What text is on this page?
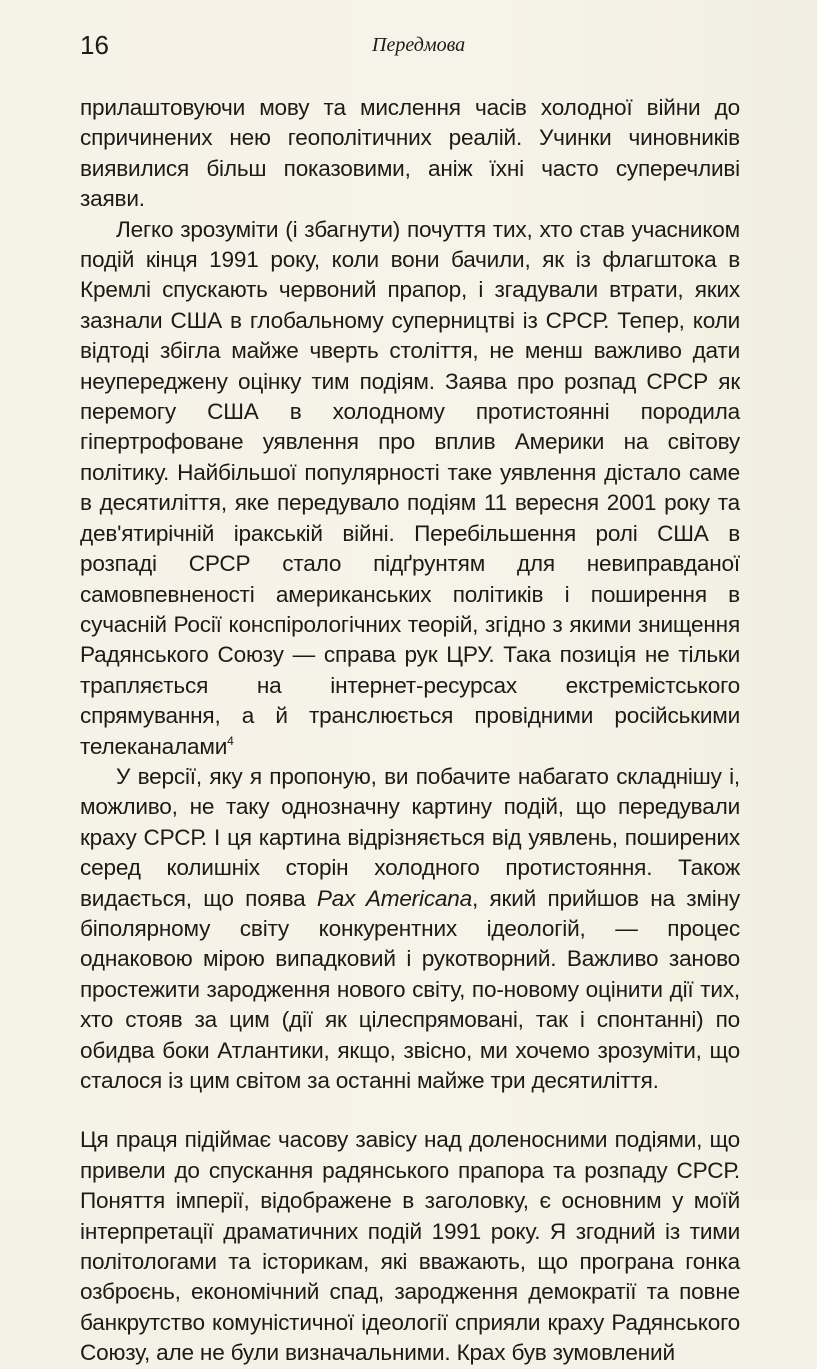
16	Передмова

прилаштовуючи мову та мислення часів холодної війни до спричинених нею геополітичних реалій. Учинки чиновників виявилися більш показовими, аніж їхні часто суперечливі заяви.

Легко зрозуміти (і збагнути) почуття тих, хто став учасником подій кінця 1991 року, коли вони бачили, як із флагштока в Кремлі спускають червоний прапор, і згадували втрати, яких зазнали США в глобальному суперництві із СРСР. Тепер, коли відтоді збігла майже чверть століття, не менш важливо дати неупереджену оцінку тим подіям. Заява про розпад СРСР як перемогу США в холодному протистоянні породила гіпертрофоване уявлення про вплив Америки на світову політику. Найбільшої популярності таке уявлення дістало саме в десятиліття, яке передувало подіям 11 вересня 2001 року та дев'ятирічній іракській війні. Перебільшення ролі США в розпаді СРСР стало підґрунтям для невиправданої самовпевненості американських політиків і поширення в сучасній Росії конспірологічних теорій, згідно з якими знищення Радянського Союзу — справа рук ЦРУ. Така позиція не тільки трапляється на інтернет-ресурсах екстремістського спрямування, а й транслюється провідними російськими телеканалами$^4$

У версії, яку я пропоную, ви побачите набагато складнішу і, можливо, не таку однозначну картину подій, що передували краху СРСР. І ця картина відрізняється від уявлень, поширених серед колишніх сторін холодного протистояння. Також видається, що поява Pax Americana, який прийшов на зміну біполярному світу конкурентних ідеологій, — процес однаковою мірою випадковий і рукотворний. Важливо заново простежити зародження нового світу, по-новому оцінити дії тих, хто стояв за цим (дії як цілеспрямовані, так і спонтанні) по обидва боки Атлантики, якщо, звісно, ми хочемо зрозуміти, що сталося із цим світом за останні майже три десятиліття.

Ця праця підіймає часову завісу над доленосними подіями, що привели до спускання радянського прапора та розпаду СРСР. Поняття імперії, відображене в заголовку, є основним у моїй інтерпретації драматичних подій 1991 року. Я згодний із тими політологами та історикам, які вважають, що програна гонка озброєнь, економічний спад, зародження демократії та повне банкрутство комуністичної ідеології сприяли краху Радянського Союзу, але не були визначальними. Крах був зумовлений
